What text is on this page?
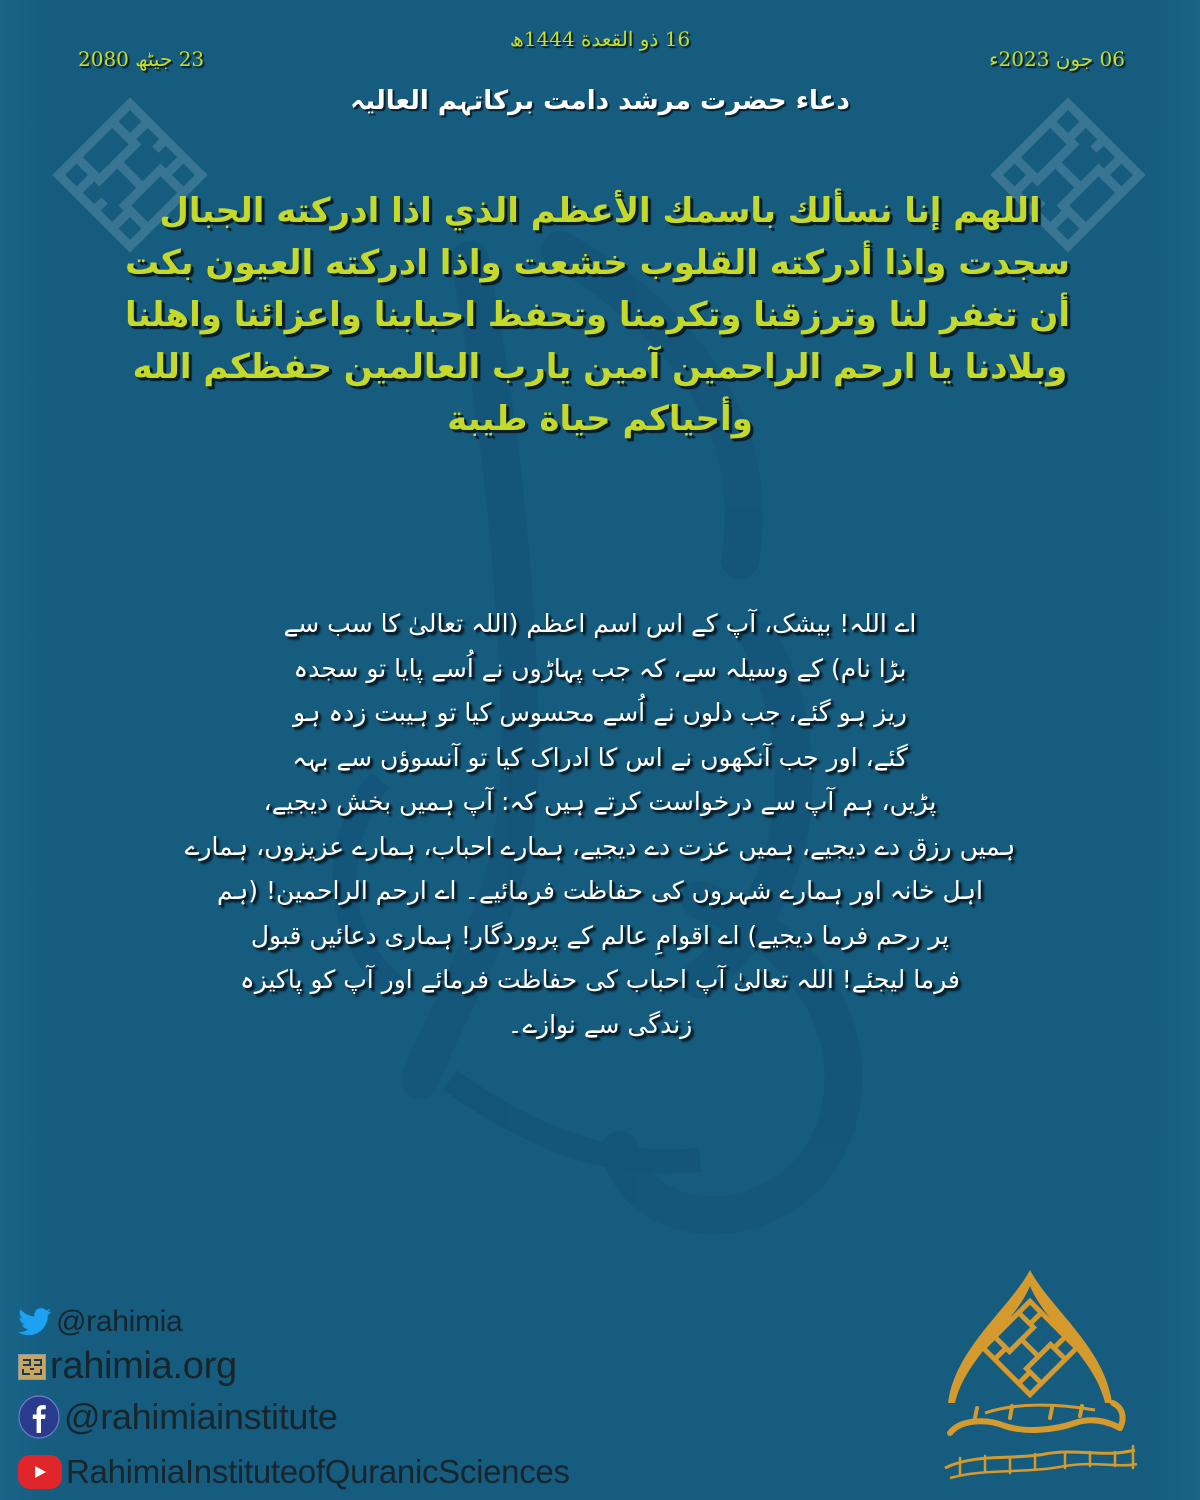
16 ذو القعدة 1444ھ
23 جیٹھ 2080	06 جون 2023ء
دعاء حضرت مرشد دامت برکاتہم العالیہ
اللهم إنا نسألك باسمك الأعظم الذي اذا ادركته الجبال
سجدت واذا أدركته القلوب خشعت واذا ادركته العيون بكت
أن تغفر لنا وترزقنا وتكرمنا وتحفظ احبابنا واعزائنا واهلنا
وبلادنا يا ارحم الراحمين آمين يارب العالمين حفظكم الله
وأحياكم حياة طيبة
اے اللہ! بیشک، آپ کے اس اسم اعظم (اللہ تعالیٰ کا سب سے
بڑا نام) کے وسیلہ سے، کہ جب پہاڑوں نے اُسے پایا تو سجدہ
ریز ہو گئے، جب دلوں نے اُسے محسوس کیا تو ہیبت زدہ ہو
گئے، اور جب آنکھوں نے اس کا ادراک کیا تو آنسوؤں سے بہہ
پڑیں، ہم آپ سے درخواست کرتے ہیں کہ: آپ ہمیں بخش دیجیے،
ہمیں رزق دے دیجیے، ہمیں عزت دے دیجیے، ہمارے احباب، ہمارے عزیزوں، ہمارے
اہل خانہ اور ہمارے شہروں کی حفاظت فرمائیے۔ اے ارحم الراحمین! (ہم
پر رحم فرما دیجیے) اے اقوامِ عالم کے پروردگار! ہماری دعائیں قبول
فرما لیجئے! اللہ تعالیٰ آپ احباب کی حفاظت فرمائے اور آپ کو پاکیزہ
زندگی سے نوازے۔
@rahimia
rahimia.org
@rahimiainstitute
RahimiaInstituteofQuranicSciences
